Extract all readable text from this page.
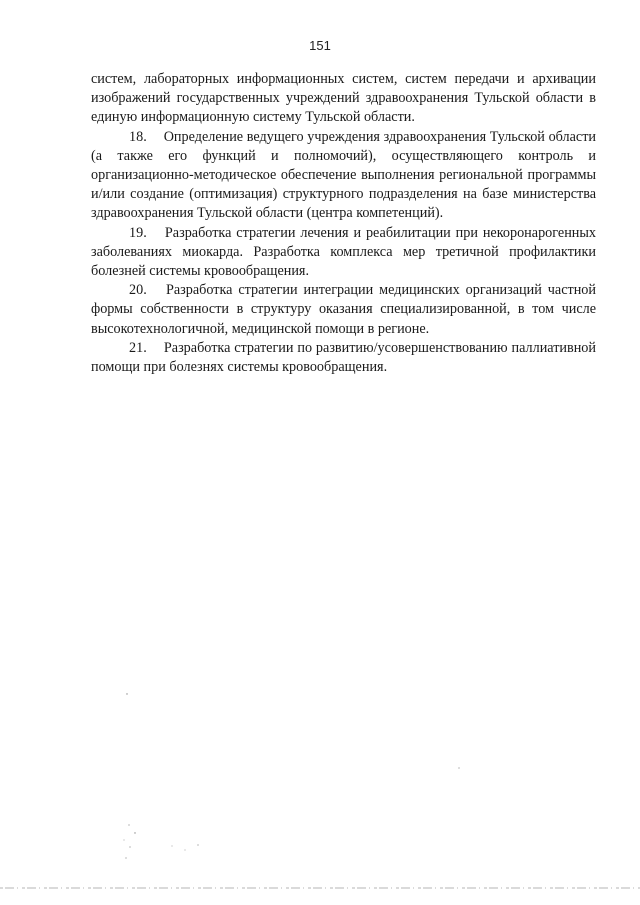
151

систем, лабораторных информационных систем, систем передачи и архивации изображений государственных учреждений здравоохранения Тульской области в единую информационную систему Тульской области.

18. Определение ведущего учреждения здравоохранения Тульской области (а также его функций и полномочий), осуществляющего контроль и организационно-методическое обеспечение выполнения региональной программы и/или создание (оптимизация) структурного подразделения на базе министерства здравоохранения Тульской области (центра компетенций).

19. Разработка стратегии лечения и реабилитации при некоронарогенных заболеваниях миокарда. Разработка комплекса мер третичной профилактики болезней системы кровообращения.

20. Разработка стратегии интеграции медицинских организаций частной формы собственности в структуру оказания специализированной, в том числе высокотехнологичной, медицинской помощи в регионе.

21. Разработка стратегии по развитию/усовершенствованию паллиативной помощи при болезнях системы кровообращения.
